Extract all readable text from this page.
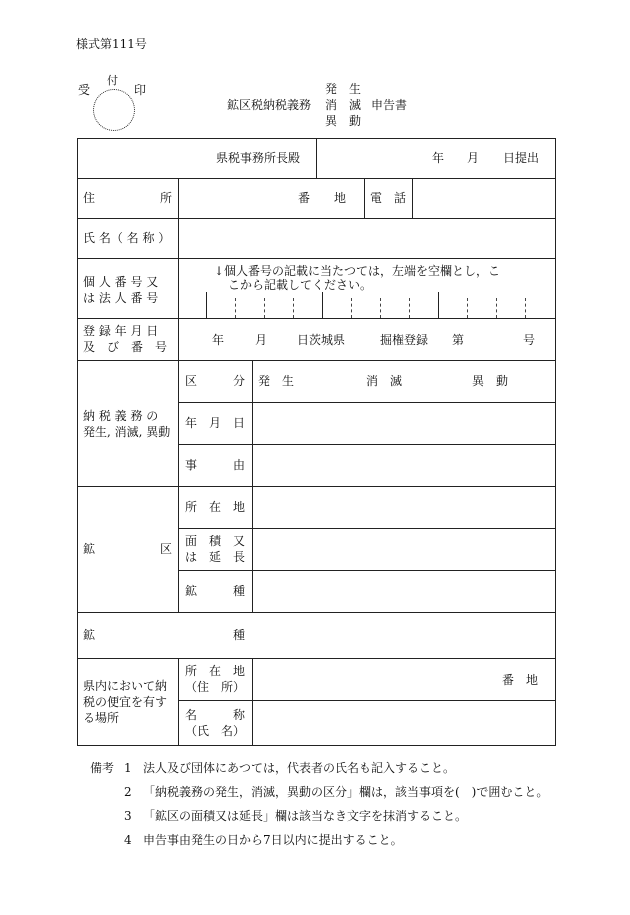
様式第111号
受
付
印
鉱区税納税義務
発　生
消　滅
異　動
申告書
県税事務所長殿	年 月 日提出
住	所	番 地 電 話
氏 名（ 名 称 ）
個 人 番 号 又
は 法 人 番 号
↓個人番号の記載に当たつては，左端を空欄とし，こ
こから記載してください。
登 録 年 月 日
及　び　番　号	年	月 日茨城県	掘権登録 第	号
納 税 義 務 の
発生, 消滅, 異動
区	分 発　生	消　滅	異　動
年 月 日
事	由
鉱	区
所 在 地
面　積　又
は　延　長
鉱	種
鉱	種
県内において納
税の便宜を有す
る場所
所　在　地
（住　所）	番　地
名　　　称
（氏　名）
備考 1 法人及び団体にあつては，代表者の氏名も記入すること。
2 「納税義務の発生，消滅，異動の区分」欄は，該当事項を(　)で囲むこと。
3 「鉱区の面積又は延長」欄は該当なき文字を抹消すること。
4 申告事由発生の日から7日以内に提出すること。
